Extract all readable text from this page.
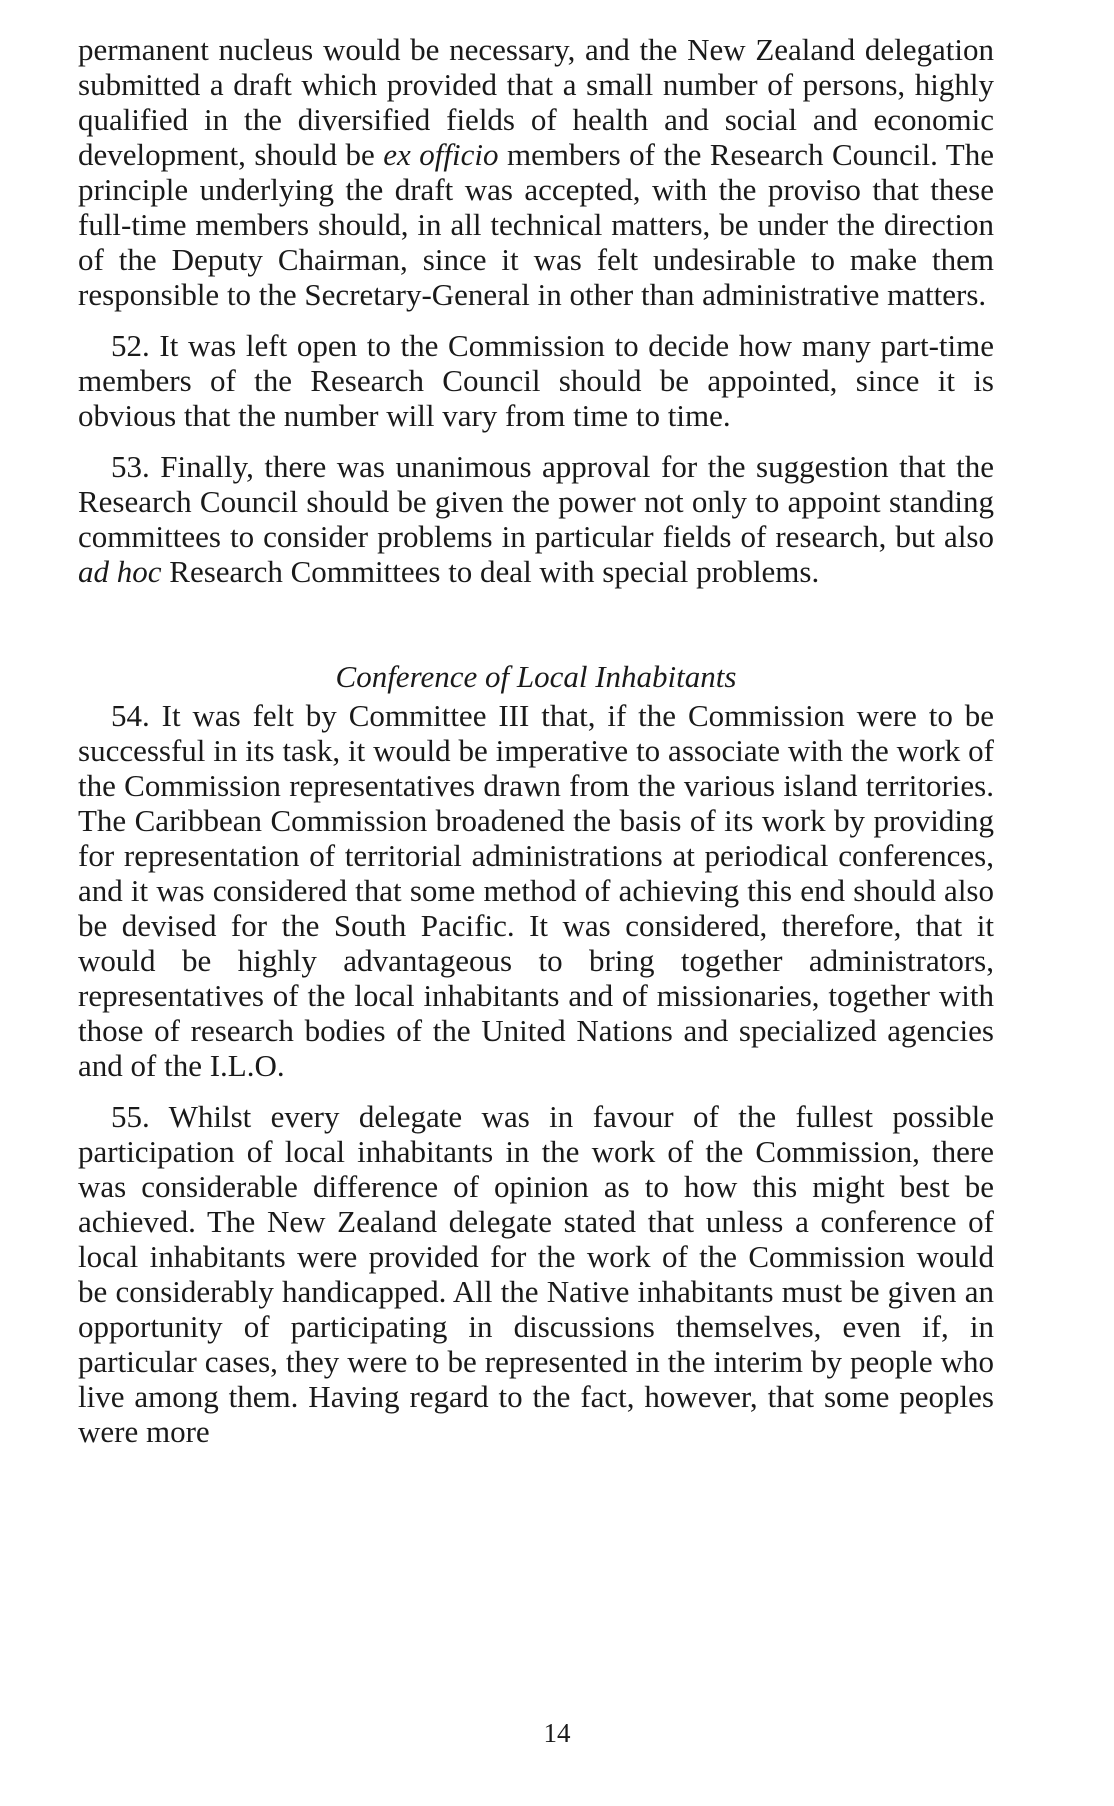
permanent nucleus would be necessary, and the New Zealand delegation submitted a draft which provided that a small number of persons, highly qualified in the diversified fields of health and social and economic development, should be ex officio members of the Research Council. The principle underlying the draft was accepted, with the proviso that these full-time members should, in all technical matters, be under the direction of the Deputy Chairman, since it was felt undesirable to make them responsible to the Secretary-General in other than administrative matters.

52. It was left open to the Commission to decide how many part-time members of the Research Council should be appointed, since it is obvious that the number will vary from time to time.

53. Finally, there was unanimous approval for the suggestion that the Research Council should be given the power not only to appoint standing committees to consider problems in particular fields of research, but also ad hoc Research Committees to deal with special problems.

Conference of Local Inhabitants

54. It was felt by Committee III that, if the Commission were to be successful in its task, it would be imperative to associate with the work of the Commission representatives drawn from the various island territories. The Caribbean Commission broadened the basis of its work by providing for representation of territorial administrations at periodical conferences, and it was considered that some method of achieving this end should also be devised for the South Pacific. It was considered, therefore, that it would be highly advantageous to bring together administrators, representatives of the local inhabitants and of missionaries, together with those of research bodies of the United Nations and specialized agencies and of the I.L.O.

55. Whilst every delegate was in favour of the fullest possible participation of local inhabitants in the work of the Commission, there was considerable difference of opinion as to how this might best be achieved. The New Zealand delegate stated that unless a conference of local inhabitants were provided for the work of the Commission would be considerably handicapped. All the Native inhabitants must be given an opportunity of participating in discussions themselves, even if, in particular cases, they were to be represented in the interim by people who live among them. Having regard to the fact, however, that some peoples were more

14
